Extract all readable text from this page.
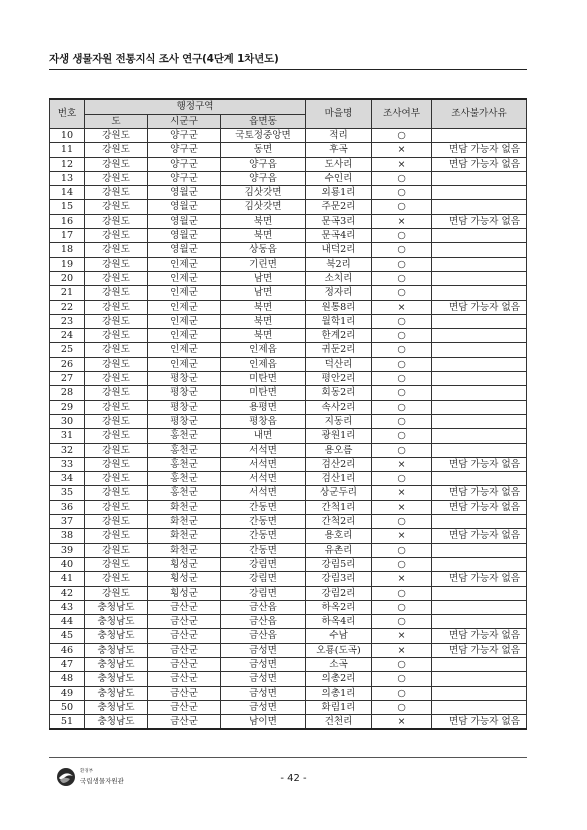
자생 생물자원 전통지식 조사 연구(4단계 1차년도)
번호	행정구역			마을명	조사여부	조사불가사유
	도	시군구	읍면동			
10	강원도	양구군	국토정중앙면	적리	○	
11	강원도	양구군	동면	후곡	×	면담 가능자 없음
12	강원도	양구군	양구읍	도사리	×	면담 가능자 없음
13	강원도	양구군	양구읍	수인리	○	
14	강원도	영월군	김삿갓면	외룡1리	○	
15	강원도	영월군	김삿갓면	주문2리	○	
16	강원도	영월군	북면	문곡3리	×	면담 가능자 없음
17	강원도	영월군	북면	문곡4리	○	
18	강원도	영월군	상동읍	내덕2리	○	
19	강원도	인제군	기린면	북2리	○	
20	강원도	인제군	남면	소치리	○	
21	강원도	인제군	남면	정자리	○	
22	강원도	인제군	북면	원통8리	×	면담 가능자 없음
23	강원도	인제군	북면	월학1리	○	
24	강원도	인제군	북면	한계2리	○	
25	강원도	인제군	인제읍	귀둔2리	○	
26	강원도	인제군	인제읍	덕산리	○	
27	강원도	평창군	미탄면	평안2리	○	
28	강원도	평창군	미탄면	회동2리	○	
29	강원도	평창군	용평면	속사2리	○	
30	강원도	평창군	평창읍	지동리	○	
31	강원도	홍천군	내면	광원1리	○	
32	강원도	홍천군	서석면	용오름	○	
33	강원도	홍천군	서석면	검산2리	×	면담 가능자 없음
34	강원도	홍천군	서석면	검산1리	○	
35	강원도	홍천군	서석면	상군두리	×	면담 가능자 없음
36	강원도	화천군	간동면	간척1리	×	면담 가능자 없음
37	강원도	화천군	간동면	간척2리	○	
38	강원도	화천군	간동면	용호리	×	면담 가능자 없음
39	강원도	화천군	간동면	유촌리	○	
40	강원도	횡성군	강림면	강림5리	○	
41	강원도	횡성군	강림면	강림3리	×	면담 가능자 없음
42	강원도	횡성군	강림면	강림2리	○	
43	충청남도	금산군	금산읍	하옥2리	○	
44	충청남도	금산군	금산읍	하옥4리	○	
45	충청남도	금산군	금산읍	수남	×	면담 가능자 없음
46	충청남도	금산군	금성면	오룡(도곡)	×	면담 가능자 없음
47	충청남도	금산군	금성면	소곡	○	
48	충청남도	금산군	금성면	의총2리	○	
49	충청남도	금산군	금성면	의총1리	○	
50	충청남도	금산군	금성면	화림1리	○	
51	충청남도	금산군	남이면	건천리	×	면담 가능자 없음
환경부
국립생물자원관	- 42 -
